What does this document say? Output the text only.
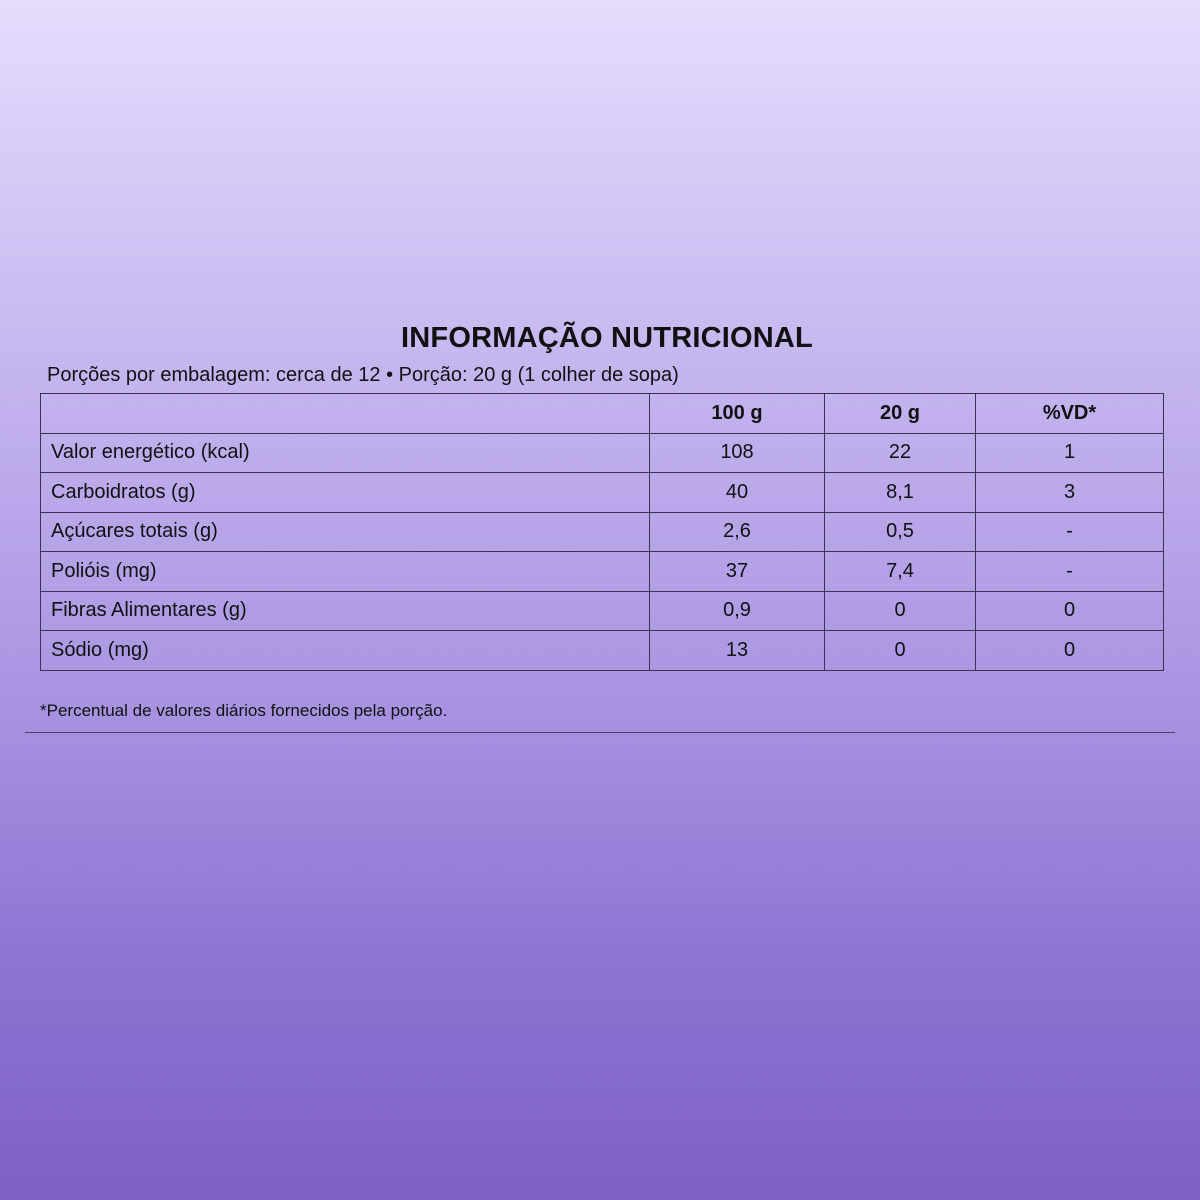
INFORMAÇÃO NUTRICIONAL
Porções por embalagem: cerca de 12 • Porção: 20 g (1 colher de sopa)
	100 g	20 g	%VD*
Valor energético (kcal)	108	22	1
Carboidratos (g)	40	8,1	3
Açúcares totais (g)	2,6	0,5	-
Polióis (mg)	37	7,4	-
Fibras Alimentares (g)	0,9	0	0
Sódio (mg)	13	0	0
*Percentual de valores diários fornecidos pela porção.
